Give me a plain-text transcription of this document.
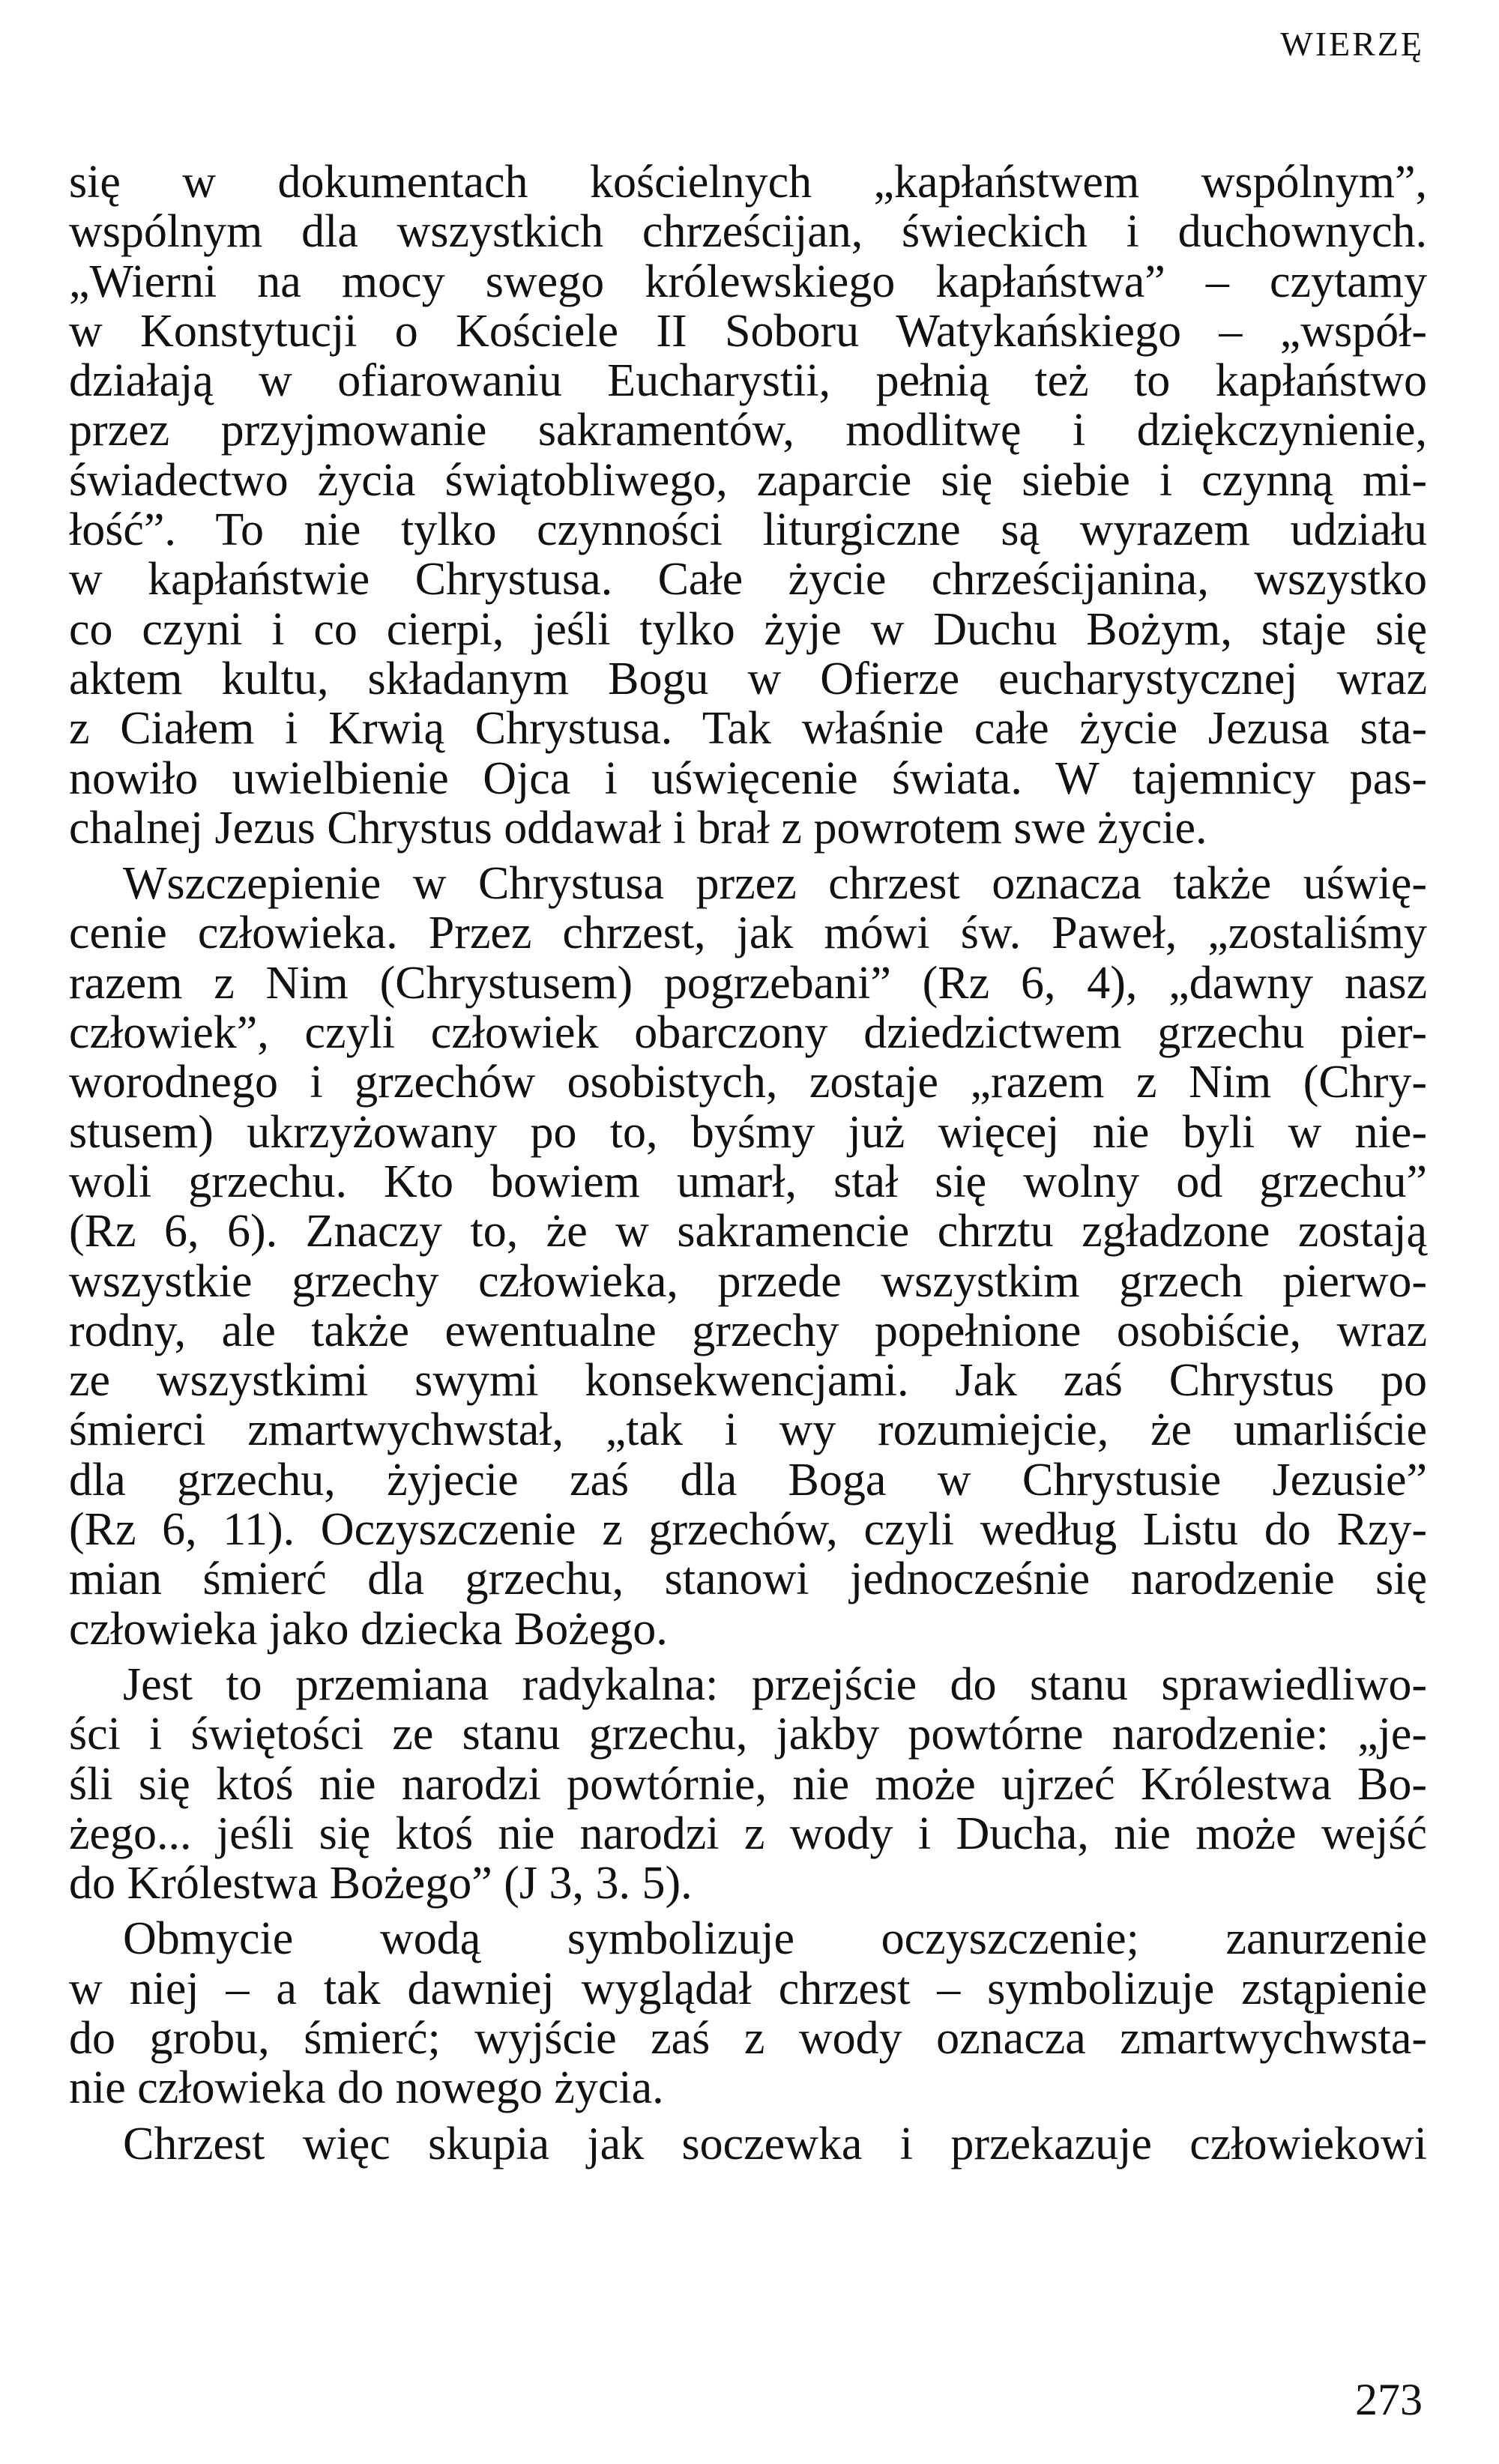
WIERZĘ
się w dokumentach kościelnych „kapłaństwem wspólnym”,
wspólnym dla wszystkich chrześcijan, świeckich i duchownych.
„Wierni na mocy swego królewskiego kapłaństwa” – czytamy
w Konstytucji o Kościele II Soboru Watykańskiego – „współ-
działają w ofiarowaniu Eucharystii, pełnią też to kapłaństwo
przez przyjmowanie sakramentów, modlitwę i dziękczynienie,
świadectwo życia świątobliwego, zaparcie się siebie i czynną mi-
łość”. To nie tylko czynności liturgiczne są wyrazem udziału
w kapłaństwie Chrystusa. Całe życie chrześcijanina, wszystko
co czyni i co cierpi, jeśli tylko żyje w Duchu Bożym, staje się
aktem kultu, składanym Bogu w Ofierze eucharystycznej wraz
z Ciałem i Krwią Chrystusa. Tak właśnie całe życie Jezusa sta-
nowiło uwielbienie Ojca i uświęcenie świata. W tajemnicy pas-
chalnej Jezus Chrystus oddawał i brał z powrotem swe życie.
Wszczepienie w Chrystusa przez chrzest oznacza także uświę-
cenie człowieka. Przez chrzest, jak mówi św. Paweł, „zostaliśmy
razem z Nim (Chrystusem) pogrzebani” (Rz 6, 4), „dawny nasz
człowiek”, czyli człowiek obarczony dziedzictwem grzechu pier-
worodnego i grzechów osobistych, zostaje „razem z Nim (Chry-
stusem) ukrzyżowany po to, byśmy już więcej nie byli w nie-
woli grzechu. Kto bowiem umarł, stał się wolny od grzechu”
(Rz 6, 6). Znaczy to, że w sakramencie chrztu zgładzone zostają
wszystkie grzechy człowieka, przede wszystkim grzech pierwo-
rodny, ale także ewentualne grzechy popełnione osobiście, wraz
ze wszystkimi swymi konsekwencjami. Jak zaś Chrystus po
śmierci zmartwychwstał, „tak i wy rozumiejcie, że umarliście
dla grzechu, żyjecie zaś dla Boga w Chrystusie Jezusie”
(Rz 6, 11). Oczyszczenie z grzechów, czyli według Listu do Rzy-
mian śmierć dla grzechu, stanowi jednocześnie narodzenie się
człowieka jako dziecka Bożego.
Jest to przemiana radykalna: przejście do stanu sprawiedliwo-
ści i świętości ze stanu grzechu, jakby powtórne narodzenie: „je-
śli się ktoś nie narodzi powtórnie, nie może ujrzeć Królestwa Bo-
żego... jeśli się ktoś nie narodzi z wody i Ducha, nie może wejść
do Królestwa Bożego” (J 3, 3. 5).
Obmycie wodą symbolizuje oczyszczenie; zanurzenie
w niej – a tak dawniej wyglądał chrzest – symbolizuje zstąpienie
do grobu, śmierć; wyjście zaś z wody oznacza zmartwychwsta-
nie człowieka do nowego życia.
Chrzest więc skupia jak soczewka i przekazuje człowiekowi
273
